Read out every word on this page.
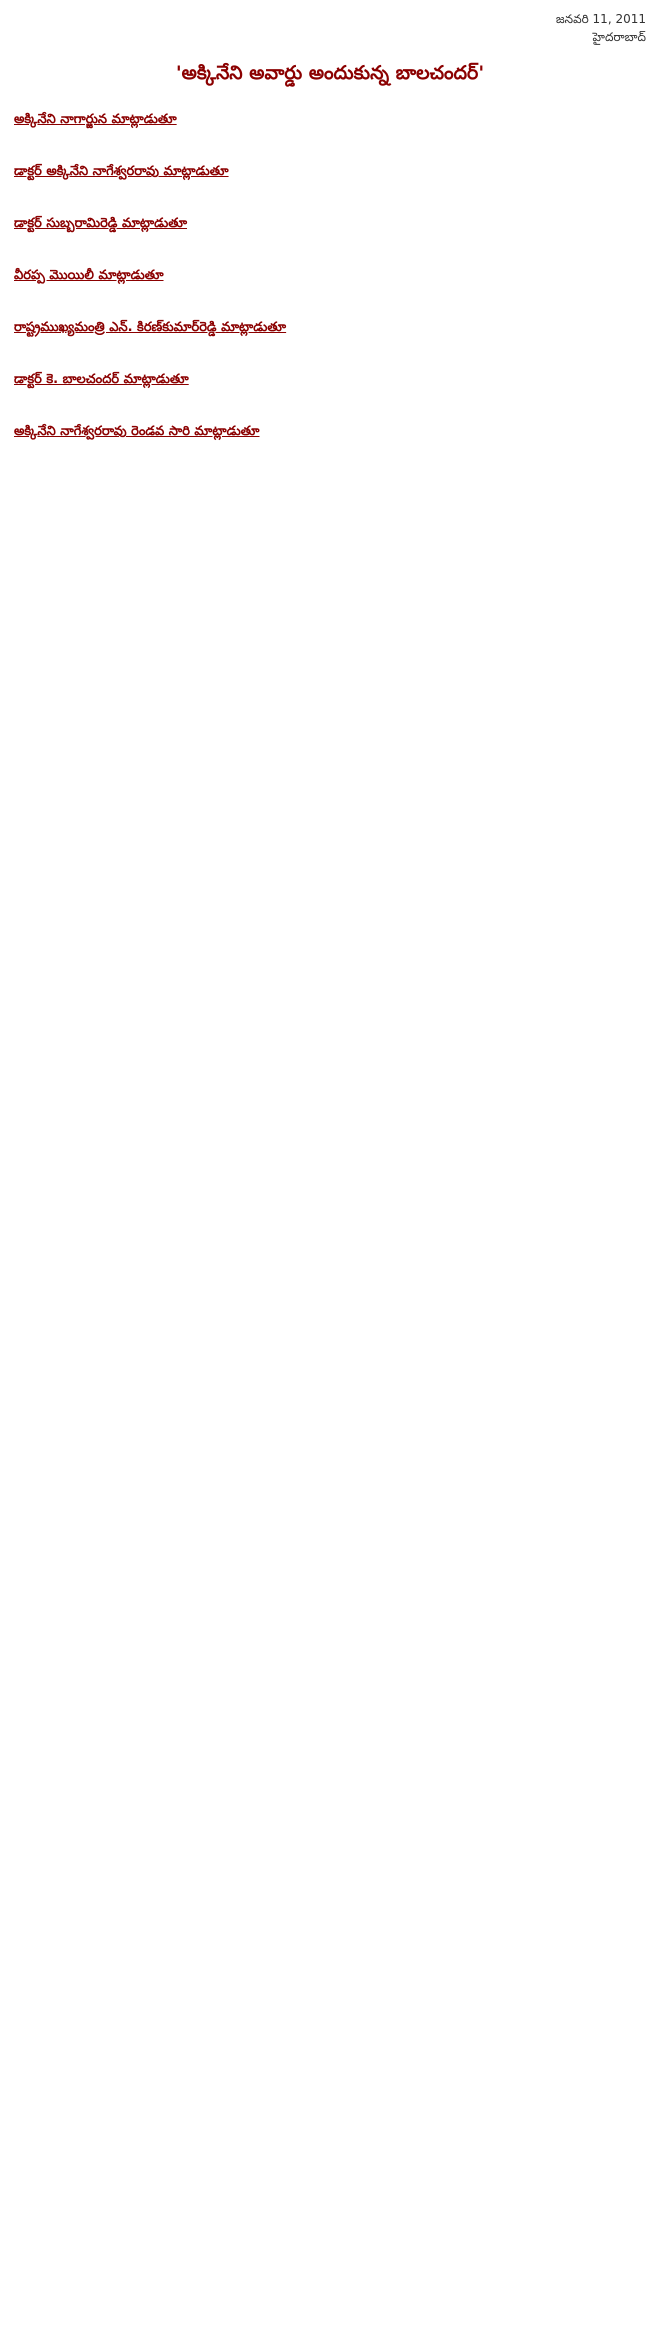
జనవరి 11, 2011
హైదరాబాద్
'అక్కినేని అవార్డు అందుకున్న బాలచందర్'

అక్కినేని నాగార్జున మాట్లాడుతూ

డాక్టర్ అక్కినేని నాగేశ్వరరావు మాట్లాడుతూ

డాక్టర్ సుబ్బరామిరెడ్డి మాట్లాడుతూ

వీరప్ప మొయిలీ మాట్లాడుతూ

రాష్ట్రముఖ్యమంత్రి ఎన్. కిరణ్‌కుమార్‌రెడ్డి మాట్లాడుతూ

డాక్టర్ కె. బాలచందర్ మాట్లాడుతూ

అక్కినేని నాగేశ్వరరావు రెండవ సారి మాట్లాడుతూ
